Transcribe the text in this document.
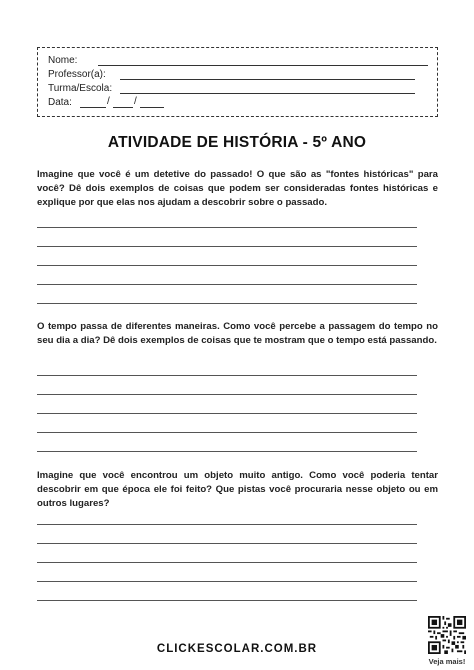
Nome:
Professor(a):
Turma/Escola:
Data:	/ /
ATIVIDADE DE HISTÓRIA - 5º ANO
Imagine que você é um detetive do passado! O que são as "fontes históricas" para você? Dê dois exemplos de coisas que podem ser consideradas fontes históricas e explique por que elas nos ajudam a descobrir sobre o passado.
O tempo passa de diferentes maneiras. Como você percebe a passagem do tempo no seu dia a dia? Dê dois exemplos de coisas que te mostram que o tempo está passando.
Imagine que você encontrou um objeto muito antigo. Como você poderia tentar descobrir em que época ele foi feito? Que pistas você procuraria nesse objeto ou em outros lugares?
CLICKESCOLAR.COM.BR
Veja mais!
